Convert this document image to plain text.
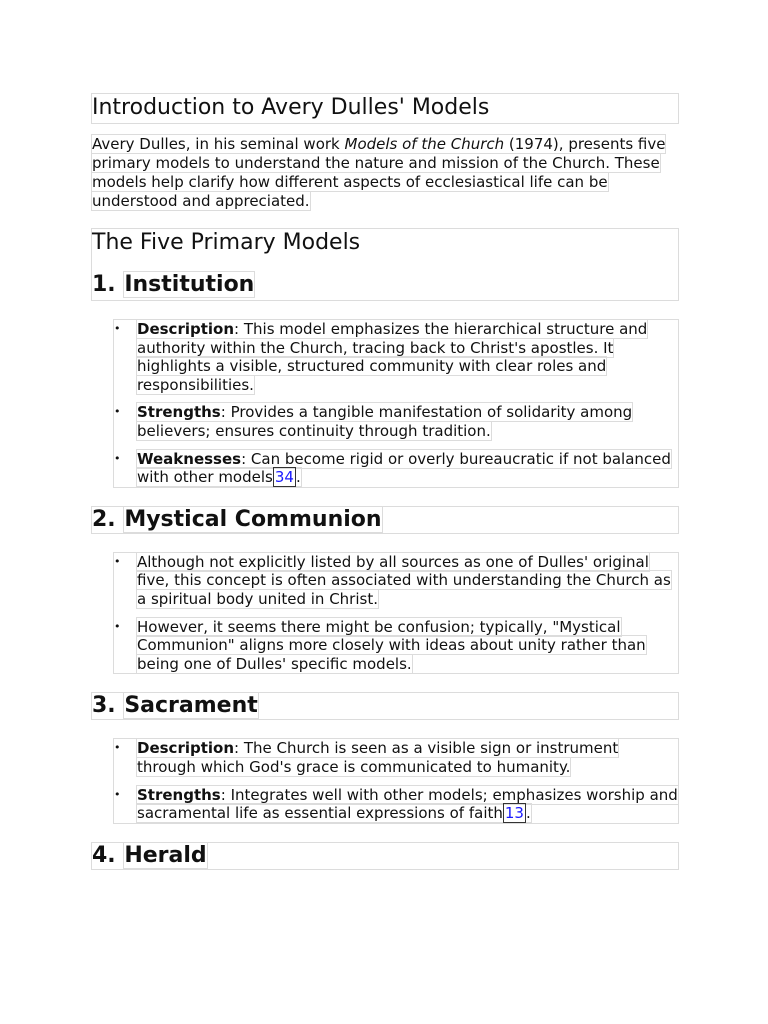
Introduction to Avery Dulles' Models

Avery Dulles, in his seminal work Models of the Church (1974), presents five primary models to understand the nature and mission of the Church. These models help clarify how different aspects of ecclesiastical life can be understood and appreciated.

The Five Primary Models
1. Institution
• Description: This model emphasizes the hierarchical structure and authority within the Church, tracing back to Christ's apostles. It highlights a visible, structured community with clear roles and responsibilities.
• Strengths: Provides a tangible manifestation of solidarity among believers; ensures continuity through tradition.
• Weaknesses: Can become rigid or overly bureaucratic if not balanced with other models 34 .
2. Mystical Communion
• Although not explicitly listed by all sources as one of Dulles' original five, this concept is often associated with understanding the Church as a spiritual body united in Christ.
• However, it seems there might be confusion; typically, "Mystical Communion" aligns more closely with ideas about unity rather than being one of Dulles' specific models.
3. Sacrament
• Description: The Church is seen as a visible sign or instrument through which God's grace is communicated to humanity.
• Strengths: Integrates well with other models; emphasizes worship and sacramental life as essential expressions of faith 13 .
4. Herald
